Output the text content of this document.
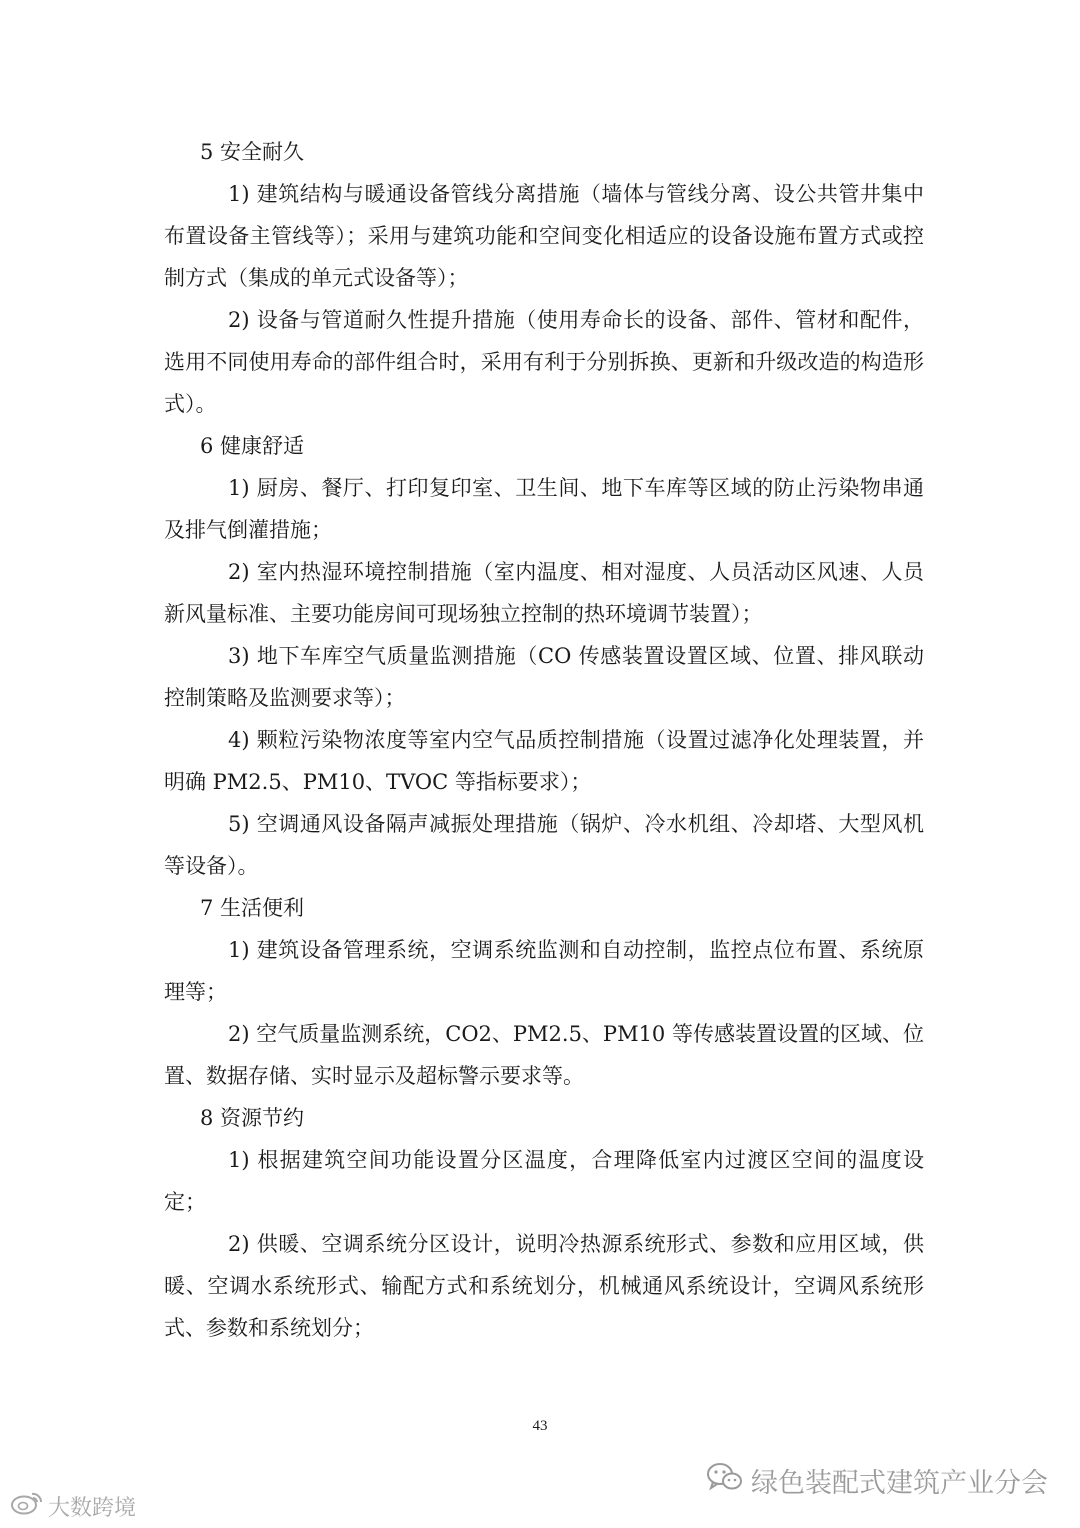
5 安全耐久

1) 建筑结构与暖通设备管线分离措施（墙体与管线分离、设公共管井集中布置设备主管线等）；采用与建筑功能和空间变化相适应的设备设施布置方式或控制方式（集成的单元式设备等）；

2) 设备与管道耐久性提升措施（使用寿命长的设备、部件、管材和配件，选用不同使用寿命的部件组合时，采用有利于分别拆换、更新和升级改造的构造形式）。

6 健康舒适

1) 厨房、餐厅、打印复印室、卫生间、地下车库等区域的防止污染物串通及排气倒灌措施；

2) 室内热湿环境控制措施（室内温度、相对湿度、人员活动区风速、人员新风量标准、主要功能房间可现场独立控制的热环境调节装置）；

3) 地下车库空气质量监测措施（CO 传感装置设置区域、位置、排风联动控制策略及监测要求等）；

4) 颗粒污染物浓度等室内空气品质控制措施（设置过滤净化处理装置，并明确 PM2.5、PM10、TVOC 等指标要求）；

5) 空调通风设备隔声减振处理措施（锅炉、冷水机组、冷却塔、大型风机等设备）。

7 生活便利

1) 建筑设备管理系统，空调系统监测和自动控制，监控点位布置、系统原理等；

2) 空气质量监测系统，CO2、PM2.5、PM10 等传感装置设置的区域、位置、数据存储、实时显示及超标警示要求等。

8 资源节约

1) 根据建筑空间功能设置分区温度，合理降低室内过渡区空间的温度设定；

2) 供暖、空调系统分区设计，说明冷热源系统形式、参数和应用区域，供暖、空调水系统形式、输配方式和系统划分，机械通风系统设计，空调风系统形式、参数和系统划分；

43
绿色装配式建筑产业分会
大数跨境
